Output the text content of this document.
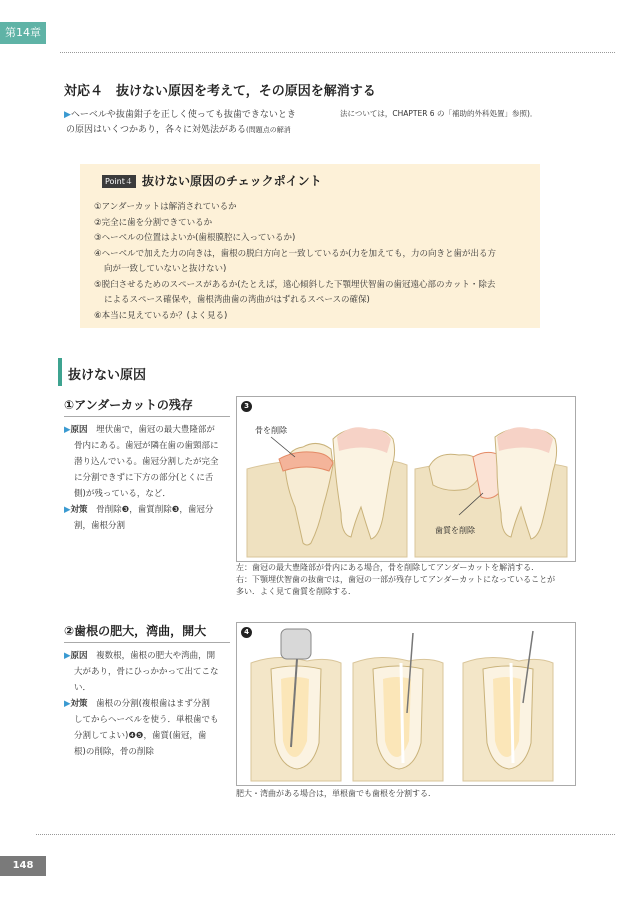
第14章
対応４　抜けない原因を考えて，その原因を解消する
▶ヘーベルや抜歯鉗子を正しく使っても抜歯できないとき
の原因はいくつかあり，各々に対処法がある(問題点の解消
法については，CHAPTER 6 の「補助的外科処置」参照)．
Point４ 抜けない原因のチェックポイント
①アンダーカットは解消されているか
②完全に歯を分割できているか
③ヘーベルの位置はよいか(歯根膜腔に入っているか)
④ヘーベルで加えた力の向きは，歯根の脱臼方向と一致しているか(力を加えても，力の向きと歯が出る方
向が一致していないと抜けない)
⑤脱臼させるためのスペースがあるか(たとえば，遠心傾斜した下顎埋伏智歯の歯冠遠心部のカット・除去
によるスペース確保や，歯根湾曲歯の湾曲がはずれるスペースの確保)
⑥本当に見えているか？(よく見る)
抜けない原因
①アンダーカットの残存
▶原因　 埋伏歯で，歯冠の最大豊隆部が
骨内にある。歯冠が隣在歯の歯頸部に
潜り込んでいる。歯冠分割したが完全
に分割できずに下方の部分(とくに舌
側)が残っている，など．
▶対策　 骨削除❸，歯質削除❸，歯冠分
割，歯根分割
3
骨を削除
歯質を削除
左：歯冠の最大豊隆部が骨内にある場合，骨を削除してアンダーカットを解消する．
右：下顎埋伏智歯の抜歯では，歯冠の一部が残存してアンダーカットになっていることが
多い．よく見て歯質を削除する．
②歯根の肥大，湾曲，開大
▶原因　 複数根，歯根の肥大や湾曲，開
大があり，骨にひっかかって出てこな
い．
▶対策　 歯根の分割(複根歯はまず分割
してからヘーベルを使う．単根歯でも
分割してよい)❹❺，歯質(歯冠，歯
根)の削除，骨の削除
4
肥大・湾曲がある場合は，単根歯でも歯根を分割する．
148
